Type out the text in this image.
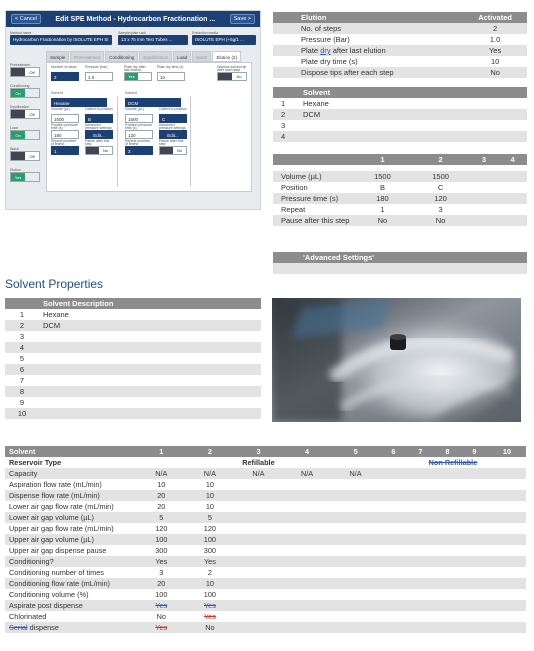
< Cancel	Edit SPE Method - Hydrocarbon Fractionation ...	Save >
Method name
Hydrocarbon Fractionation by ISOLUTE EPH SI
Sample/plate rack
13 x 75 mm Test Tubes ...
Extraction media
ISOLUTE EPH (+5g/1 ...
Sample	Pretreatment	Conditioning	Equilibration	Load	Wash	Elution (2)
Pretreatment
Off
Conditioning
On
Equilibration
Off
Load
On
Wash
Off
Elution
Yes
Number of steps
2
Pressure (bar)
1.0
Plate dry after last elution
Yes
Plate dry time (s)
10
Dispose solvent tip after each step
No
Solvent
Hexane
Volume (µL)
1500
Collect to position
B
Position pressure time (s)
180
Advanced pressure settings
Edit...
Repeat (number of times)
1
Pause after this step
No
Solvent
DCM
Volume (µL)
1500
Collect to position
C
Position pressure time (s)
120
Advanced pressure settings
Edit...
Repeat (number of times)
3
Pause after this step
No
Elution	Activated
No. of steps	2
Pressure (Bar)	1.0
Plate dry after last elution	Yes
Plate dry time (s)	10
Dispose tips after each step	No
Solvent	
1	Hexane
2	DCM
3	
4	
	1	2	3	4

Volume (µL)	1500	1500		
Position	B	C		
Pressure time (s)	180	120		
Repeat	1	3		
Pause after this step	No	No		
'Advanced Settings'

Solvent Properties
	Solvent Description
1	Hexane
2	DCM
3	
4	
5	
6	
7	
8	
9	
10	
Solvent	1	2	3	4	5	6	7	8	9	10
Reservoir Type	Refillable					Non Refillable				
Capacity	N/A	N/A	N/A	N/A	N/A					
Aspiration flow rate (mL/min)	10	10								
Dispense flow rate (mL/min)	20	10								
Lower air gap flow rate (mL/min)	20	10								
Lower air gap volume (µL)	5	5								
Upper air gap flow rate (mL/min)	120	120								
Upper air gap volume (µL)	100	100								
Upper air gap dispense pause	300	300								
Conditioning?	Yes	Yes								
Conditioning number of times	3	2								
Conditioning flow rate (mL/min)	20	10								
Conditioning volume (%)	100	100								
Aspirate post dispense	Yes	Yes								
Chlorinated	No	Yes								
Serial dispense	Yes	No								
